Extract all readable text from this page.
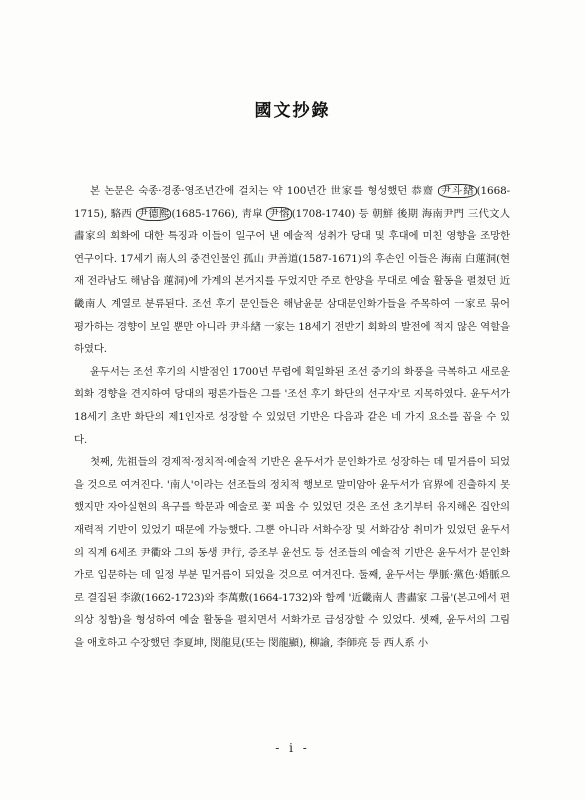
國文抄錄

본 논문은 숙종·경종·영조년간에 걸치는 약 100년간 世家를 형성했던 恭齋 尹斗緖 (1668-1715), 駱西 尹德熙 (1685-1766), 靑皐 尹愹 (1708-1740) 등 朝鮮 後期 海南尹門 三代文人畵家의 회화에 대한 특징과 이들이 일구어 낸 예술적 성취가 당대 및 후대에 미친 영향을 조망한 연구이다. 17세기 南人의 중견인물인 孤山 尹善道(1587-1671)의 후손인 이들은 海南 白蓮洞(현재 전라남도 해남읍 蓮洞)에 가계의 본거지를 두었지만 주로 한양을 무대로 예술 활동을 펼쳤던 近畿南人 계열로 분류된다. 조선 후기 문인들은 해남윤문 삼대문인화가들을 주목하여 一家로 묶어 평가하는 경향이 보일 뿐만 아니라 尹斗緖 一家는 18세기 전반기 회화의 발전에 적지 않은 역할을 하였다.

윤두서는 조선 후기의 시발점인 1700년 무렵에 획일화된 조선 중기의 화풍을 극복하고 새로운 회화 경향을 견지하여 당대의 평론가들은 그를 '조선 후기 화단의 선구자'로 지목하였다. 윤두서가 18세기 초반 화단의 제1인자로 성장할 수 있었던 기반은 다음과 같은 네 가지 요소를 꼽을 수 있다.

첫째, 先祖들의 경제적·정치적·예술적 기반은 윤두서가 문인화가로 성장하는 데 밑거름이 되었을 것으로 여겨진다. '南人'이라는 선조들의 정치적 행보로 말미암아 윤두서가 官界에 진출하지 못했지만 자아실현의 욕구를 학문과 예술로 꽃 피울 수 있었던 것은 조선 초기부터 유지해온 집안의 재력적 기반이 있었기 때문에 가능했다. 그뿐 아니라 서화수장 및 서화감상 취미가 있었던 윤두서의 직계 6세조 尹衢와 그의 동생 尹行, 증조부 윤선도 등 선조들의 예술적 기반은 윤두서가 문인화가로 입문하는 데 일정 부분 밑거름이 되었을 것으로 여겨진다. 둘째, 윤두서는 學脈·黨色·婚脈으로 결집된 李漵(1662-1723)와 李萬敷(1664-1732)와 함께 '近畿南人 書畵家 그룹'(본고에서 편의상 칭함)을 형성하여 예술 활동을 펼치면서 서화가로 급성장할 수 있었다. 셋째, 윤두서의 그림을 애호하고 수장했던 李夏坤, 閔龍見(또는 閔龍顯), 柳諭, 李師亮 등 西人系 小

- i -
